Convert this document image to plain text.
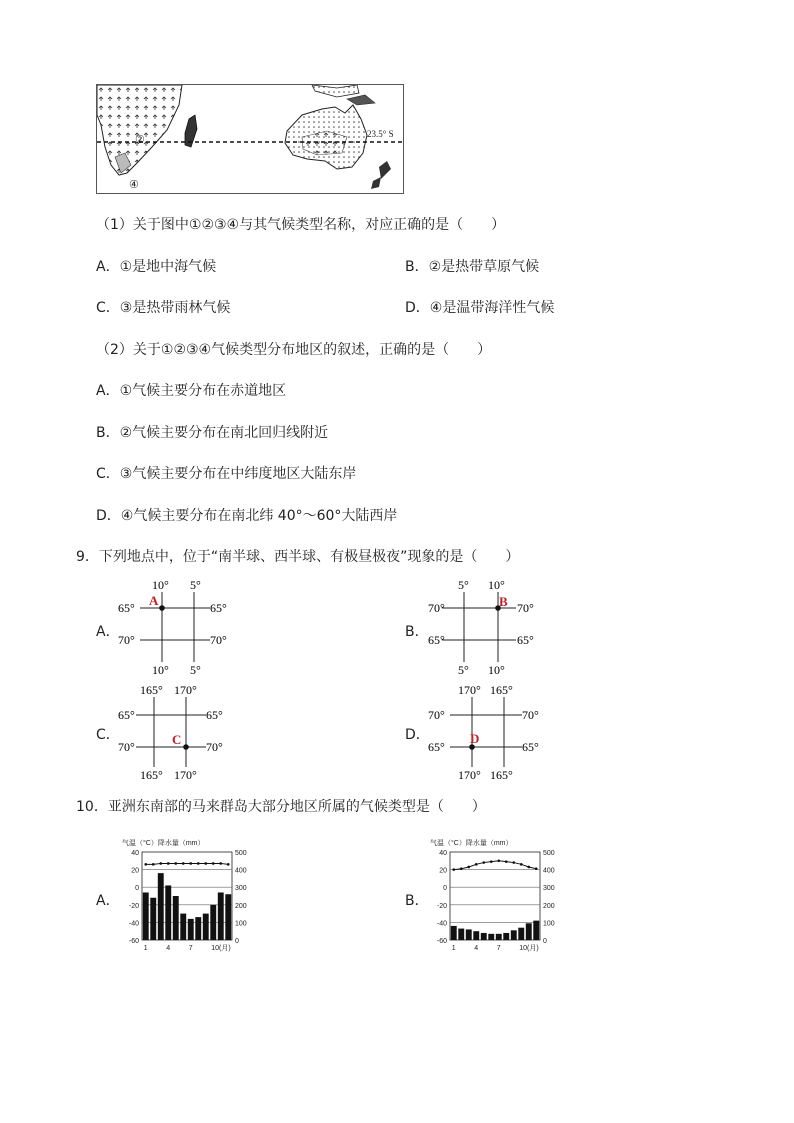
23.5° S
②
④
（1）关于图中①②③④与其气候类型名称，对应正确的是（　　）
A．①是地中海气候	B．②是热带草原气候
C．③是热带雨林气候	D．④是温带海洋性气候
（2）关于①②③④气候类型分布地区的叙述，正确的是（　　）
A．①气候主要分布在赤道地区
B．②气候主要分布在南北回归线附近
C．③气候主要分布在中纬度地区大陆东岸
D．④气候主要分布在南北纬 40°～60°大陆西岸
9．下列地点中，位于“南半球、西半球、有极昼极夜”现象的是（　　）
A．
10° 5°
10° 5°
65°
70°
65°
70°
A
B．
5° 10°
5° 10°
70°
65°
70°
65°
B
C．
165° 170°
165° 170°
65°
70°
65°
70°
C	D．
170° 165°
170° 165°
70°
65°
70°
65°
D
10．亚洲东南部的马来群岛大部分地区所属的气候类型是（　　）
A．	B．
气温（°C）降水量（mm）
40	500
20	400
0	300
-20	200
-40	100
-60	0
1	4	7	10(月)
气温（°C）降水量（mm）
40	500
20	400
0	300
-20	200
-40	100
-60	0
1	4	7	10(月)
